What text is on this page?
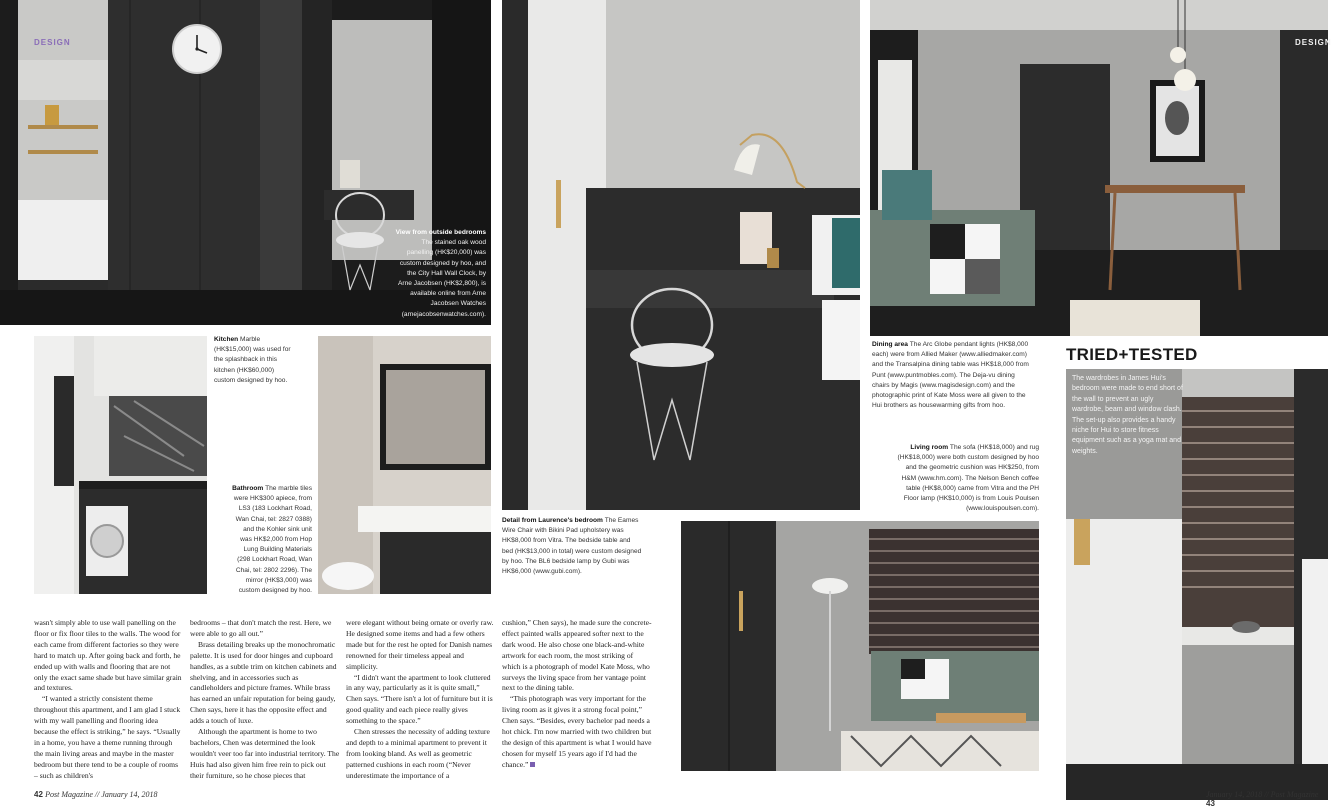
DESIGN
View from outside bedrooms The stained oak wood panelling (HK$20,000) was custom designed by hoo, and the City Hall Wall Clock, by Arne Jacobsen (HK$2,800), is available online from Arne Jacobsen Watches (arnejacobsenwatches.com).
Kitchen Marble (HK$15,000) was used for the splashback in this kitchen (HK$60,000) custom designed by hoo.
Bathroom The marble tiles were HK$300 apiece, from LS3 (183 Lockhart Road, Wan Chai, tel: 2827 0388) and the Kohler sink unit was HK$2,000 from Hop Lung Building Materials (298 Lockhart Road, Wan Chai, tel: 2802 2296). The mirror (HK$3,000) was custom designed by hoo.
Detail from Laurence's bedroom The Eames Wire Chair with Bikini Pad upholstery was HK$8,000 from Vitra. The bedside table and bed (HK$13,000 in total) were custom designed by hoo. The BL6 bedside lamp by Gubi was HK$6,000 (www.gubi.com).
DESIGN
Dining area The Arc Globe pendant lights (HK$8,000 each) were from Allied Maker (www.alliedmaker.com) and the Transalpina dining table was HK$18,000 from Punt (www.puntmobles.com). The Deja-vu dining chairs by Magis (www.magisdesign.com) and the photographic print of Kate Moss were all given to the Hui brothers as housewarming gifts from hoo.
Living room The sofa (HK$18,000) and rug (HK$18,000) were both custom designed by hoo and the geometric cushion was HK$250, from H&M (www.hm.com). The Nelson Bench coffee table (HK$8,000) came from Vitra and the PH Floor lamp (HK$10,000) is from Louis Poulsen (www.louispoulsen.com).
TRIED+TESTED
The wardrobes in James Hui's bedroom were made to end short of the wall to prevent an ugly wardrobe, beam and window clash. The set-up also provides a handy niche for Hui to store fitness equipment such as a yoga mat and weights.

wasn't simply able to use wall panelling on the floor or fix floor tiles to the walls. The wood for each came from different factories so they were hard to match up. After going back and forth, he ended up with walls and flooring that are not only the exact same shade but have similar grain and textures.

“I wanted a strictly consistent theme throughout this apartment, and I am glad I stuck with my wall panelling and flooring idea because the effect is striking,” he says. “Usually in a home, you have a theme running through the main living areas and maybe in the master bedroom but there tend to be a couple of rooms – such as children's

bedrooms – that don't match the rest. Here, we were able to go all out.”

Brass detailing breaks up the monochromatic palette. It is used for door hinges and cupboard handles, as a subtle trim on kitchen cabinets and shelving, and in accessories such as candleholders and picture frames. While brass has earned an unfair reputation for being gaudy, Chen says, here it has the opposite effect and adds a touch of luxe.

Although the apartment is home to two bachelors, Chen was determined the look wouldn't veer too far into industrial territory. The Huis had also given him free rein to pick out their furniture, so he chose pieces that

were elegant without being ornate or overly raw. He designed some items and had a few others made but for the rest he opted for Danish names renowned for their timeless appeal and simplicity.

“I didn't want the apartment to look cluttered in any way, particularly as it is quite small,” Chen says. “There isn't a lot of furniture but it is good quality and each piece really gives something to the space.”

Chen stresses the necessity of adding texture and depth to a minimal apartment to prevent it from looking bland. As well as geometric patterned cushions in each room (“Never underestimate the importance of a

cushion,” Chen says), he made sure the concrete-effect painted walls appeared softer next to the dark wood. He also chose one black-and-white artwork for each room, the most striking of which is a photograph of model Kate Moss, who surveys the living space from her vantage point next to the dining table.

“This photograph was very important for the living room as it gives it a strong focal point,” Chen says. “Besides, every bachelor pad needs a hot chick. I'm now married with two children but the design of this apartment is what I would have chosen for myself 15 years ago if I'd had the chance.”

42 Post Magazine // January 14, 2018	January 14, 2018 // Post Magazine 43
